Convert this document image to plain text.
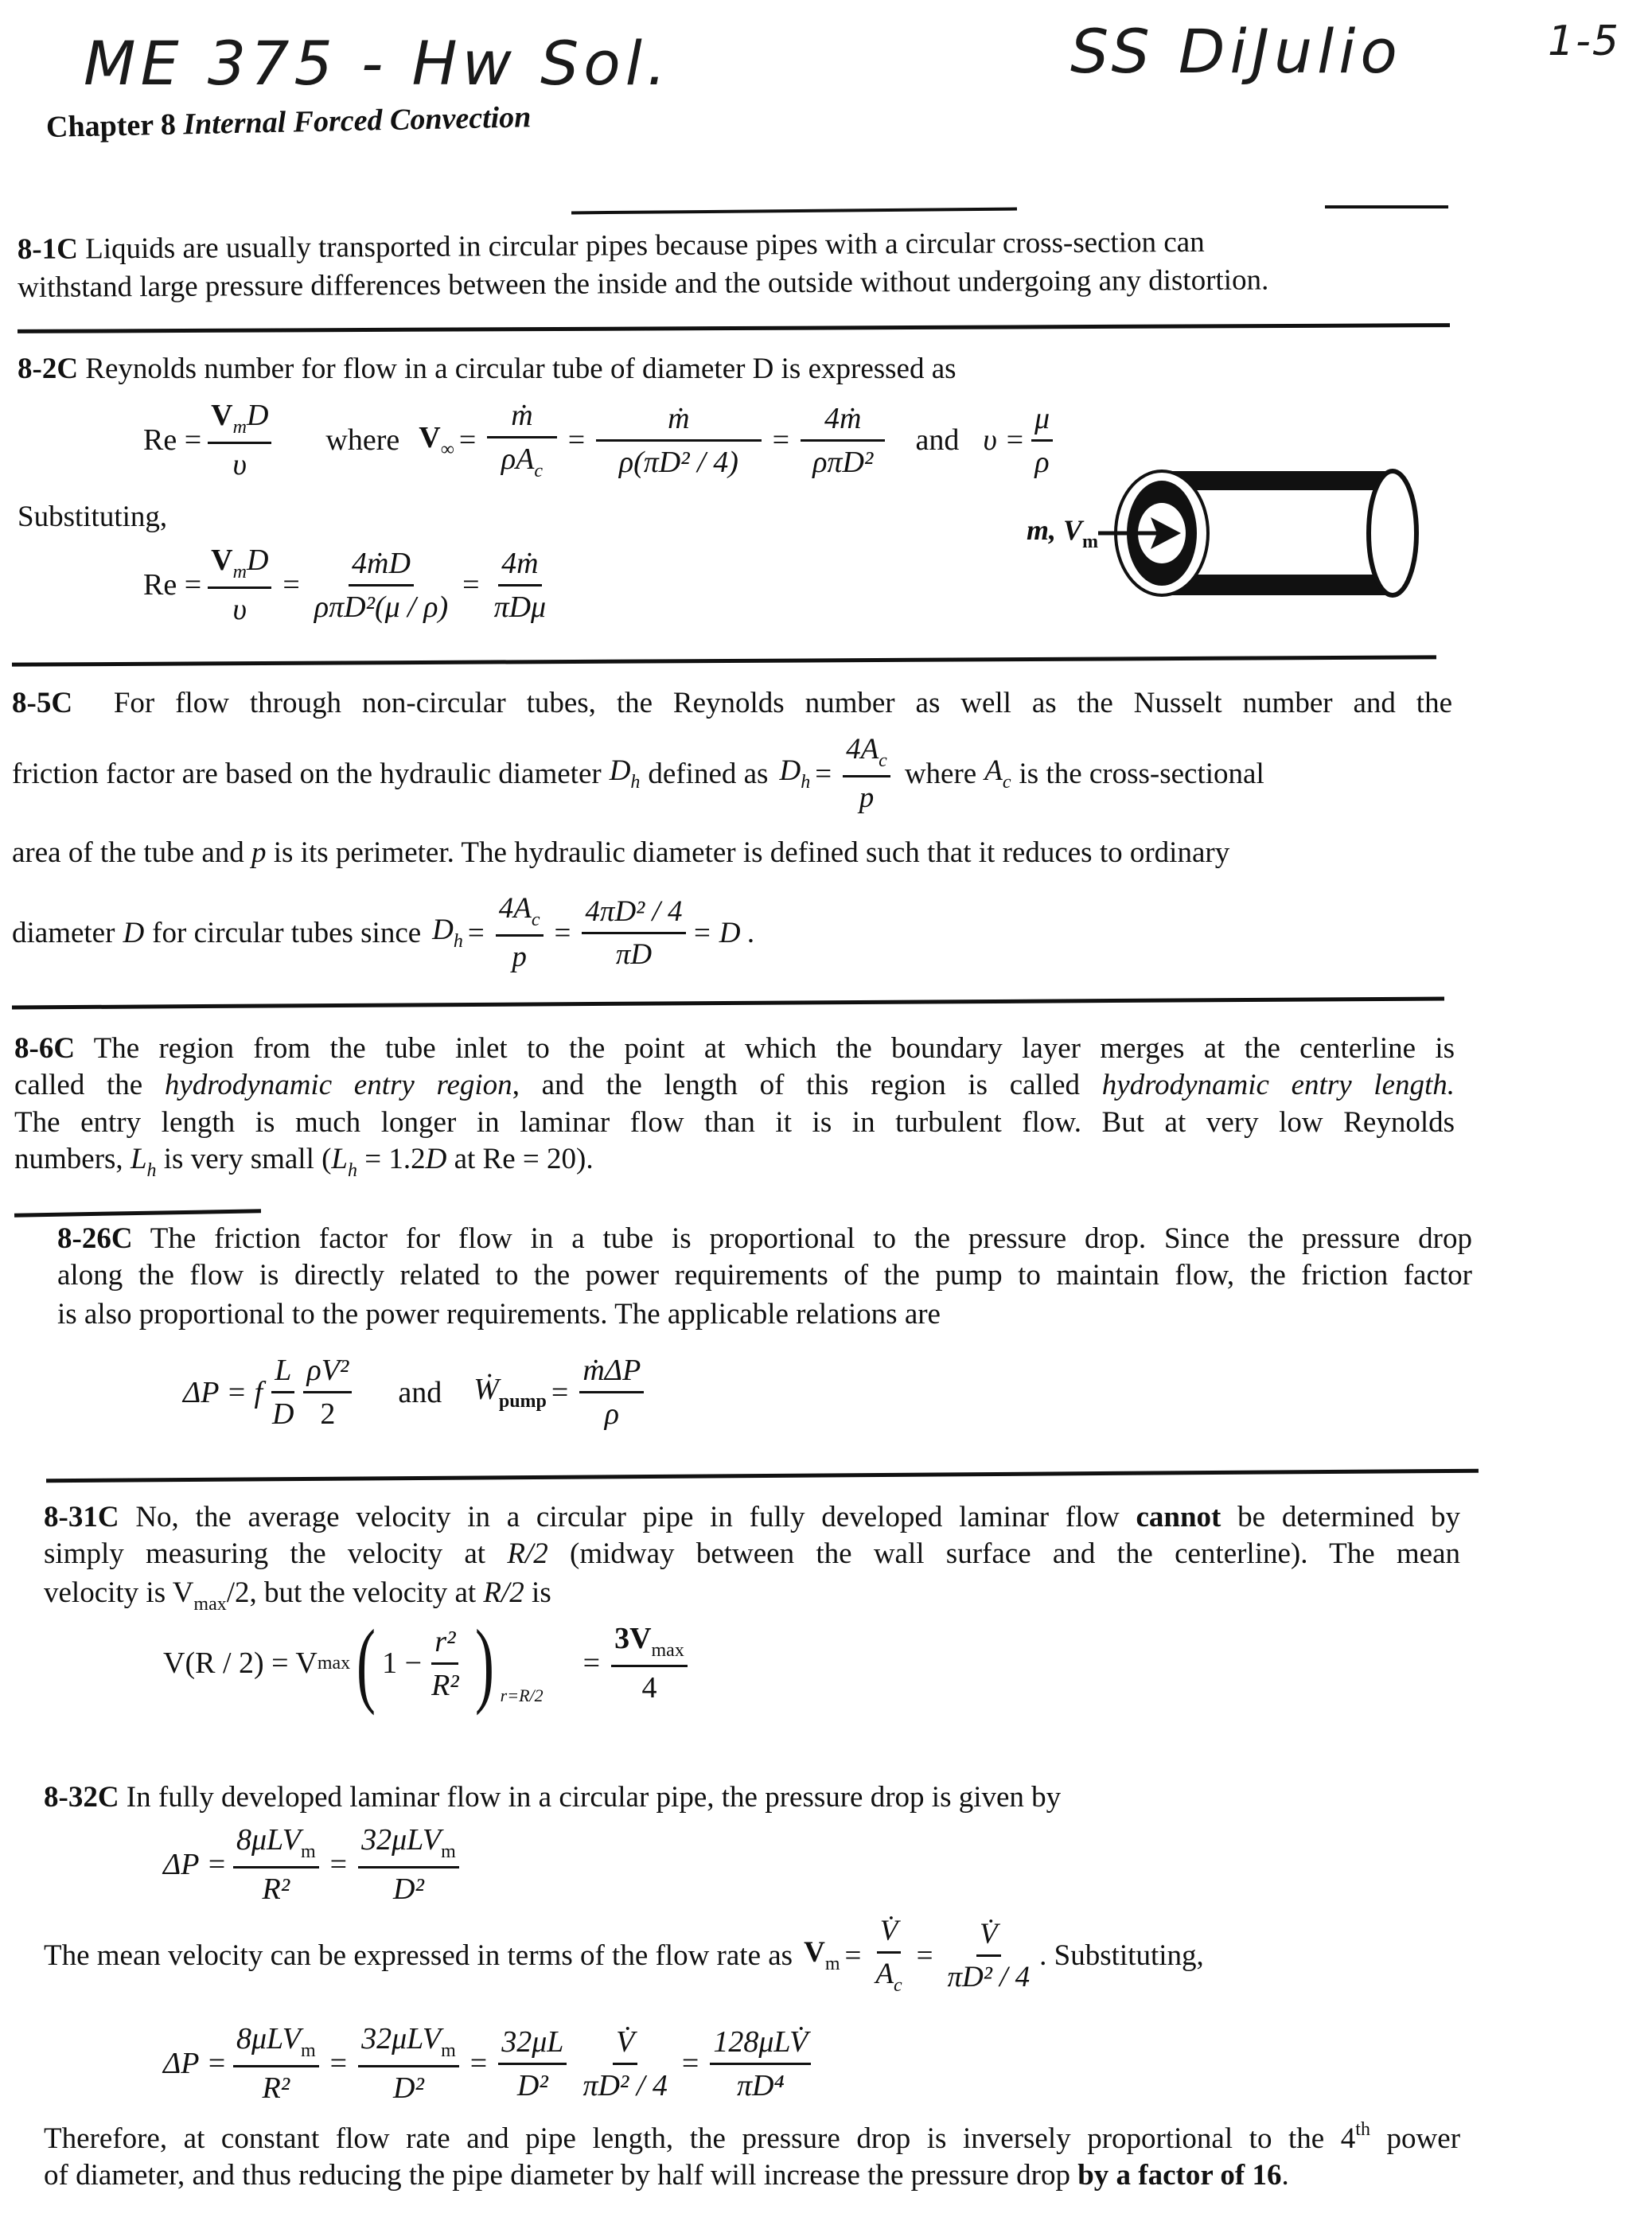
ME 375 - Hw Sol.	SS DiJulio	1-5
Chapter 8 Internal Forced Convection
8-1C Liquids are usually transported in circular pipes because pipes with a circular cross-section can
withstand large pressure differences between the inside and the outside without undergoing any distortion.
8-2C Reynolds number for flow in a circular tube of diameter D is expressed as
$Re = \frac{V_mD}{\upsilon}$ where $V_\infty = \frac{\text{ṁ}}{\rho A_c} = \frac{\text{ṁ}}{\text{ρ(πD² / 4)}} = \frac{\text{4ṁ}}{\text{ρπD²}}$ and $\upsilon = \frac{\mu}{\rho}$
Substituting,
$Re = \frac{V_mD}{\upsilon} = \frac{\text{4ṁD}}{\text{ρπD²(μ / ρ)}} = \frac{\text{4ṁ}}{\text{πDμ}}$
m, $V_m$
8-5C For flow through non-circular tubes, the Reynolds number as well as the Nusselt number and the
friction factor are based on the hydraulic diameter $D_h$ defined as $D_h = \frac{4A_c}{p}$ where $A_c$ is the cross-sectional
area of the tube and p is its perimeter. The hydraulic diameter is defined such that it reduces to ordinary
diameter D for circular tubes since $D_h = \frac{4A_c}{p} = \frac{\text{4πD² / 4}}{\pi D} = D$ .
8-6C The region from the tube inlet to the point at which the boundary layer merges at the centerline is
called the hydrodynamic entry region, and the length of this region is called hydrodynamic entry length.
The entry length is much longer in laminar flow than it is in turbulent flow. But at very low Reynolds
numbers, $L_h$ is very small ($L_h = 1.2D$ at Re = 20).
8-26C The friction factor for flow in a tube is proportional to the pressure drop. Since the pressure drop
along the flow is directly related to the power requirements of the pump to maintain flow, the friction factor
is also proportional to the power requirements. The applicable relations are
ΔP = f $\frac{L}{D} \frac{\text{ρV²}}{2}$ and Ẇ$_{pump}$ = $\frac{\text{ṁΔP}}{\rho}$
8-31C No, the average velocity in a circular pipe in fully developed laminar flow cannot be determined by
simply measuring the velocity at R/2 (midway between the wall surface and the centerline). The mean
velocity is $V_{max}/2$, but the velocity at R/2 is
V(R / 2) = V max ( $1 - \frac{\text{r²}}{\text{R²}}$ ) r=R/2
= $\frac{3V_{max}}{4}$
8-32C In fully developed laminar flow in a circular pipe, the pressure drop is given by
$\Delta P = \frac{8\mu LV_m}{\text{R²}} = \frac{32\mu LV_m}{\text{D²}}$
The mean velocity can be expressed in terms of the flow rate as $V_m = \frac{V̇}{A_c} = \frac{V̇}{\text{πD² / 4}}$ . Substituting,
$\Delta P = \frac{8\mu LV_m}{\text{R²}} = \frac{32\mu LV_m}{\text{D²}} = \frac{32\mu L}{\text{D²}} \frac{V̇}{\text{πD² / 4}} = \frac{\text{128μLV̇}}{\text{πD⁴}}$
Therefore, at constant flow rate and pipe length, the pressure drop is inversely proportional to the 4th power
of diameter, and thus reducing the pipe diameter by half will increase the pressure drop by a factor of 16.
